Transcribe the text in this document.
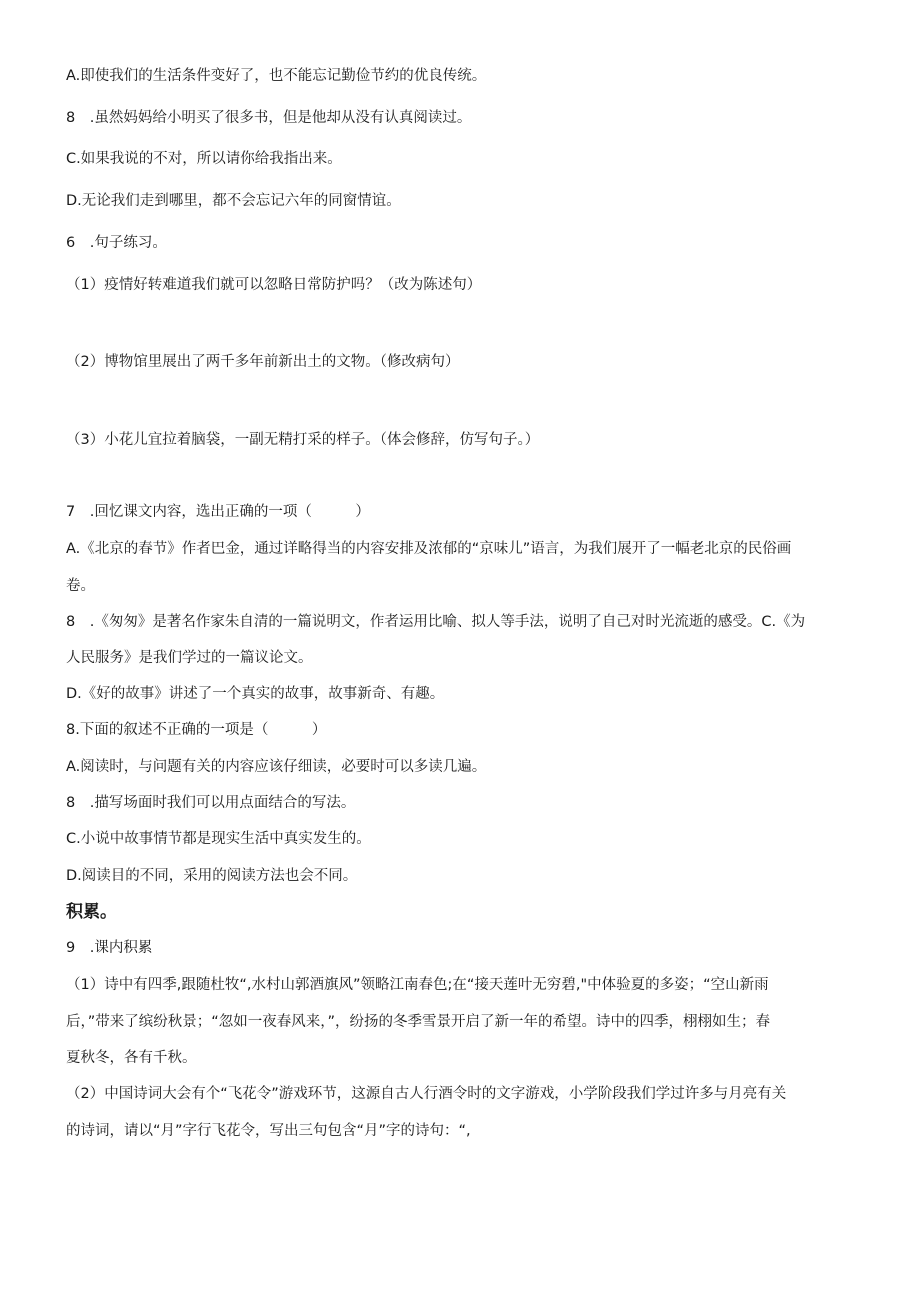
A.即使我们的生活条件变好了，也不能忘记勤俭节约的优良传统。
8　.虽然妈妈给小明买了很多书，但是他却从没有认真阅读过。
C.如果我说的不对，所以请你给我指出来。
D.无论我们走到哪里，都不会忘记六年的同窗情谊。
6　.句子练习。
（1）疫情好转难道我们就可以忽略日常防护吗？（改为陈述句）
（2）博物馆里展出了两千多年前新出土的文物。（修改病句）
（3）小花儿宜拉着脑袋，一副无精打采的样子。（体会修辞，仿写句子。）
7　.回忆课文内容，选出正确的一项（　　　）
A.《北京的春节》作者巴金，通过详略得当的内容安排及浓郁的“京味儿”语言，为我们展开了一幅老北京的民俗画
卷。
8　.《匆匆》是著名作家朱自清的一篇说明文，作者运用比喻、拟人等手法，说明了自己对时光流逝的感受。C.《为
人民服务》是我们学过的一篇议论文。
D.《好的故事》讲述了一个真实的故事，故事新奇、有趣。
8.下面的叙述不正确的一项是（　　　）
A.阅读时，与问题有关的内容应该仔细读，必要时可以多读几遍。
8　.描写场面时我们可以用点面结合的写法。
C.小说中故事情节都是现实生活中真实发生的。
D.阅读目的不同，采用的阅读方法也会不同。
积累。
9　.课内积累
（1）诗中有四季,跟随杜牧“,水村山郭酒旗风”领略江南春色;在“接天莲叶无穷碧,"中体验夏的多姿；“空山新雨
后，”带来了缤纷秋景；“忽如一夜春风来，”，纷扬的冬季雪景开启了新一年的希望。诗中的四季，栩栩如生；春
夏秋冬，各有千秋。
（2）中国诗词大会有个“飞花令”游戏环节，这源自古人行酒令时的文字游戏，小学阶段我们学过许多与月亮有关
的诗词，请以“月”字行飞花令，写出三句包含“月”字的诗句：“,
